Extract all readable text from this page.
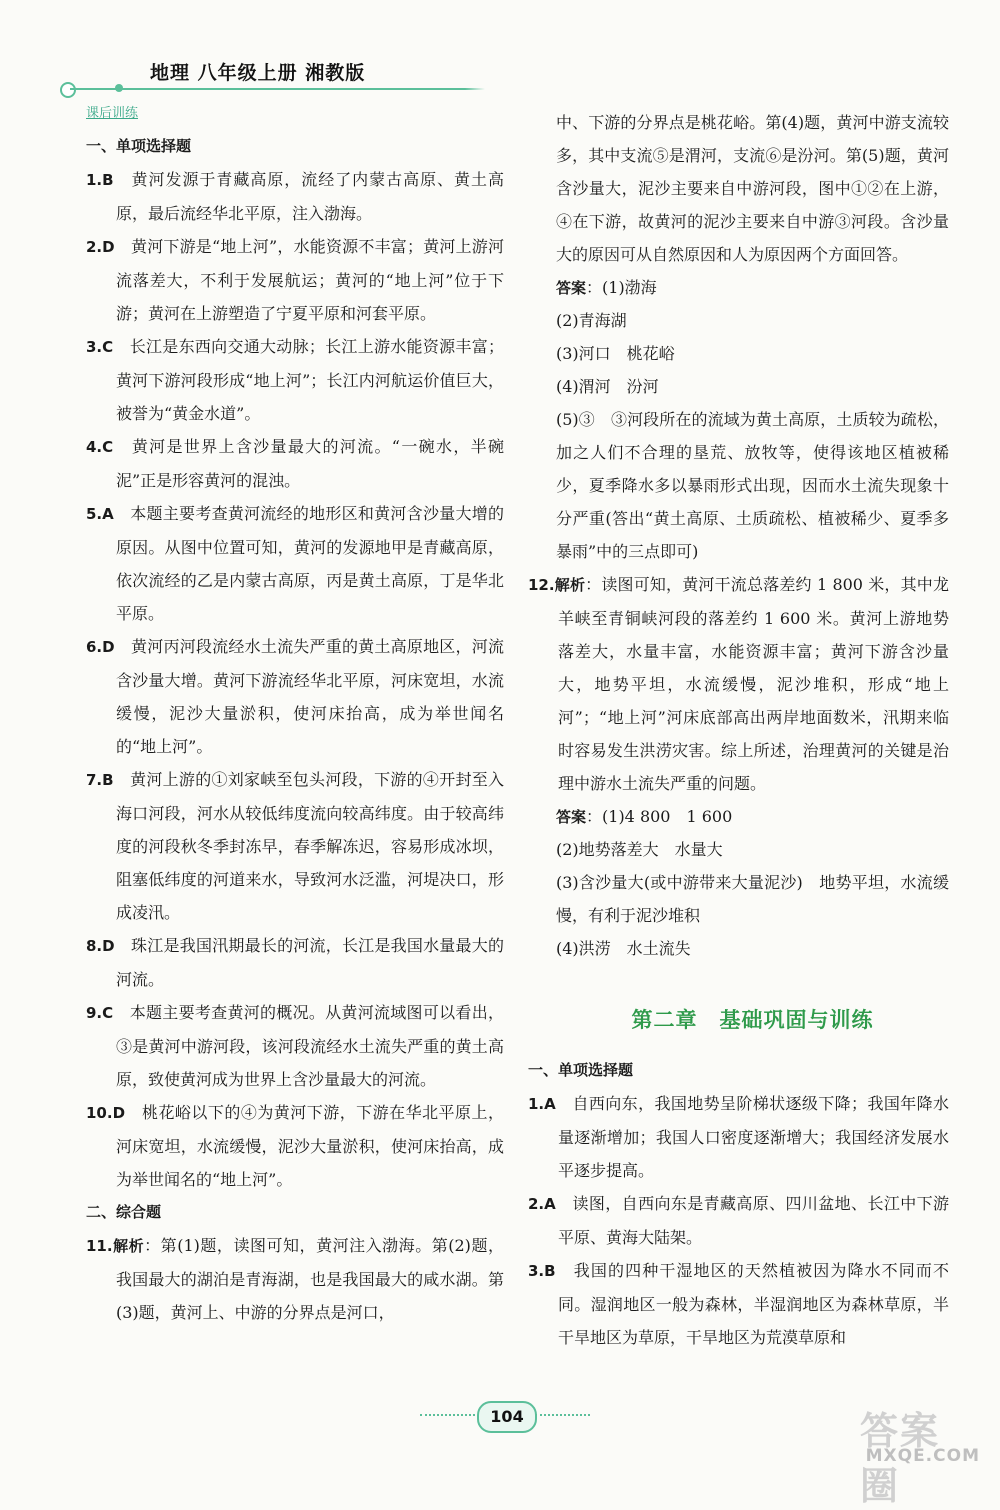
地理 八年级上册 湘教版
课后训练
一、单项选择题
1.B　 黄河发源于青藏高原，流经了内蒙古高原、黄土高原，最后流经华北平原，注入渤海。
2.D　 黄河下游是“地上河”，水能资源不丰富；黄河上游河流落差大，不利于发展航运；黄河的“地上河”位于下游；黄河在上游塑造了宁夏平原和河套平原。
3.C　 长江是东西向交通大动脉；长江上游水能资源丰富；黄河下游河段形成“地上河”；长江内河航运价值巨大，被誉为“黄金水道”。
4.C　 黄河是世界上含沙量最大的河流。“一碗水，半碗泥”正是形容黄河的混浊。
5.A　 本题主要考查黄河流经的地形区和黄河含沙量大增的原因。从图中位置可知，黄河的发源地甲是青藏高原，依次流经的乙是内蒙古高原，丙是黄土高原，丁是华北平原。
6.D　 黄河丙河段流经水土流失严重的黄土高原地区，河流含沙量大增。黄河下游流经华北平原，河床宽坦，水流缓慢，泥沙大量淤积，使河床抬高，成为举世闻名的“地上河”。
7.B　 黄河上游的①刘家峡至包头河段，下游的④开封至入海口河段，河水从较低纬度流向较高纬度。由于较高纬度的河段秋冬季封冻早，春季解冻迟，容易形成冰坝，阻塞低纬度的河道来水，导致河水泛滥，河堤决口，形成凌汛。
8.D　 珠江是我国汛期最长的河流，长江是我国水量最大的河流。
9.C　 本题主要考查黄河的概况。从黄河流域图可以看出，③是黄河中游河段，该河段流经水土流失严重的黄土高原，致使黄河成为世界上含沙量最大的河流。
10.D　 桃花峪以下的④为黄河下游，下游在华北平原上，河床宽坦，水流缓慢，泥沙大量淤积，使河床抬高，成为举世闻名的“地上河”。
二、综合题
11.解析：第(1)题，读图可知，黄河注入渤海。第(2)题，我国最大的湖泊是青海湖，也是我国最大的咸水湖。第(3)题，黄河上、中游的分界点是河口，
中、下游的分界点是桃花峪。第(4)题，黄河中游支流较多，其中支流⑤是渭河，支流⑥是汾河。第(5)题，黄河含沙量大，泥沙主要来自中游河段，图中①②在上游，④在下游，故黄河的泥沙主要来自中游③河段。含沙量大的原因可从自然原因和人为原因两个方面回答。
答案：(1)渤海
(2)青海湖
(3)河口　桃花峪
(4)渭河　汾河
(5)③　③河段所在的流域为黄土高原，土质较为疏松，加之人们不合理的垦荒、放牧等，使得该地区植被稀少，夏季降水多以暴雨形式出现，因而水土流失现象十分严重(答出“黄土高原、土质疏松、植被稀少、夏季多暴雨”中的三点即可)
12.解析：读图可知，黄河干流总落差约 1 800 米，其中龙羊峡至青铜峡河段的落差约 1 600 米。黄河上游地势落差大，水量丰富，水能资源丰富；黄河下游含沙量大，地势平坦，水流缓慢，泥沙堆积，形成“地上河”；“地上河”河床底部高出两岸地面数米，汛期来临时容易发生洪涝灾害。综上所述，治理黄河的关键是治理中游水土流失严重的问题。
答案：(1)4 800　1 600
(2)地势落差大　水量大
(3)含沙量大(或中游带来大量泥沙)　地势平坦，水流缓慢，有利于泥沙堆积
(4)洪涝　水土流失
第二章　基础巩固与训练
一、单项选择题
1.A　 自西向东，我国地势呈阶梯状逐级下降；我国年降水量逐渐增加；我国人口密度逐渐增大；我国经济发展水平逐步提高。
2.A　 读图，自西向东是青藏高原、四川盆地、长江中下游平原、黄海大陆架。
3.B　 我国的四种干湿地区的天然植被因为降水不同而不同。湿润地区一般为森林，半湿润地区为森林草原，半干旱地区为草原，干旱地区为荒漠草原和
104	答案圈
MXQE.COM
